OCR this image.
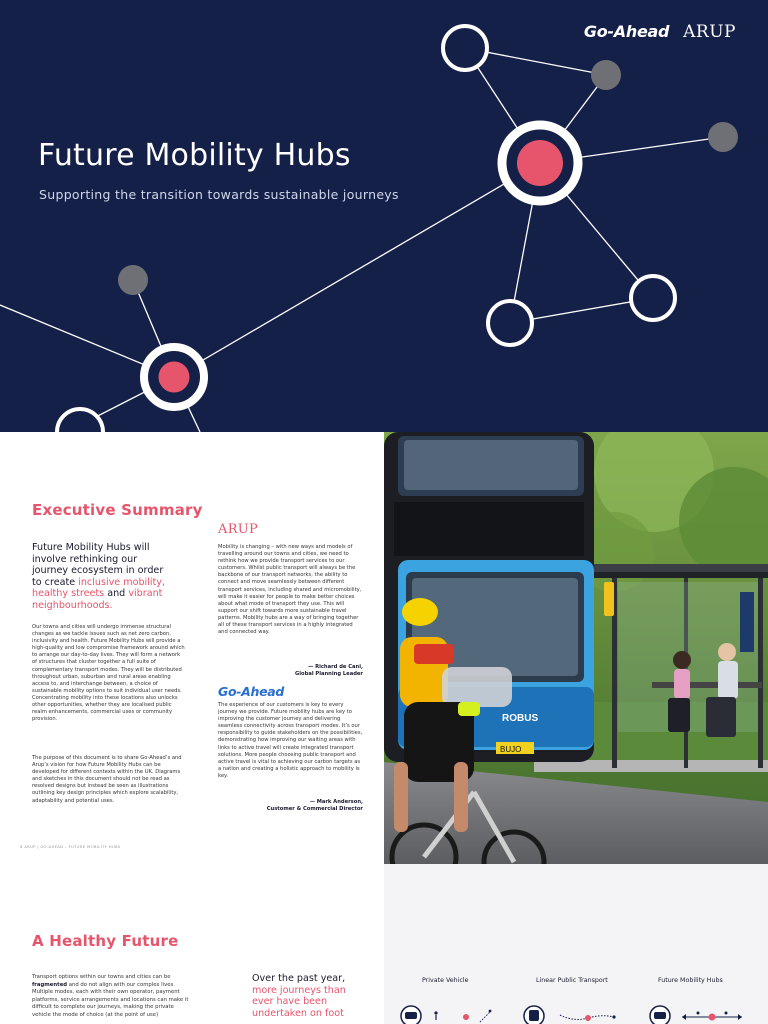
Go-Ahead ARUP
Future Mobility Hubs

Supporting the transition towards sustainable journeys

Executive Summary

Future Mobility Hubs will involve rethinking our journey ecosystem in order to create inclusive mobility, healthy streets and vibrant neighbourhoods.

Our towns and cities will undergo immense structural changes as we tackle issues such as net zero carbon, inclusivity and health. Future Mobility Hubs will provide a high-quality and low compromise framework around which to arrange our day-to-day lives. They will form a network of structures that cluster together a full suite of complementary transport modes. They will be distributed throughout urban, suburban and rural areas enabling access to, and interchange between, a choice of sustainable mobility options to suit individual user needs. Concentrating mobility into these locations also unlocks other opportunities, whether they are localised public realm enhancements, commercial uses or community provision.

The purpose of this document is to share Go-Ahead’s and Arup’s vision for how Future Mobility Hubs can be developed for different contexts within the UK. Diagrams and sketches in this document should not be read as resolved designs but instead be seen as illustrations outlining key design principles which explore scalability, adaptability and potential uses.

ARUP

Mobility is changing – with new ways and models of travelling around our towns and cities, we need to rethink how we provide transport services to our customers. Whilst public transport will always be the backbone of our transport networks, the ability to connect and move seamlessly between different transport services, including shared and micromobility, will make it easier for people to make better choices about what mode of transport they use. This will support our shift towards more sustainable travel patterns. Mobility hubs are a way of bringing together all of these transport services in a highly integrated and connected way.

— Richard de Cani,
Global Planning Leader
Go-Ahead

The experience of our customers is key to every journey we provide. Future mobility hubs are key to improving the customer journey and delivering seamless connectivity across transport modes. It’s our responsibility to guide stakeholders on the possibilities, demonstrating how improving our waiting areas with links to active travel will create integrated transport solutions. More people choosing public transport and active travel is vital to achieving our carbon targets as a nation and creating a holistic approach to mobility is key.

— Mark Anderson,
Customer & Commercial Director
6 ARUP | GO-AHEAD – FUTURE MOBILITY HUBS
ROBUS
BUJO
A Healthy Future

Transport options within our towns and cities can be fragmented and do not align with our complex lives. Multiple modes, each with their own operator, payment platforms, service arrangements and locations can make it difficult to complete our journeys, making the private vehicle the mode of choice (at the point of use)

Over the past year, more journeys than ever have been undertaken on foot

Private Vehicle	Linear Public Transport	Future Mobility Hubs
